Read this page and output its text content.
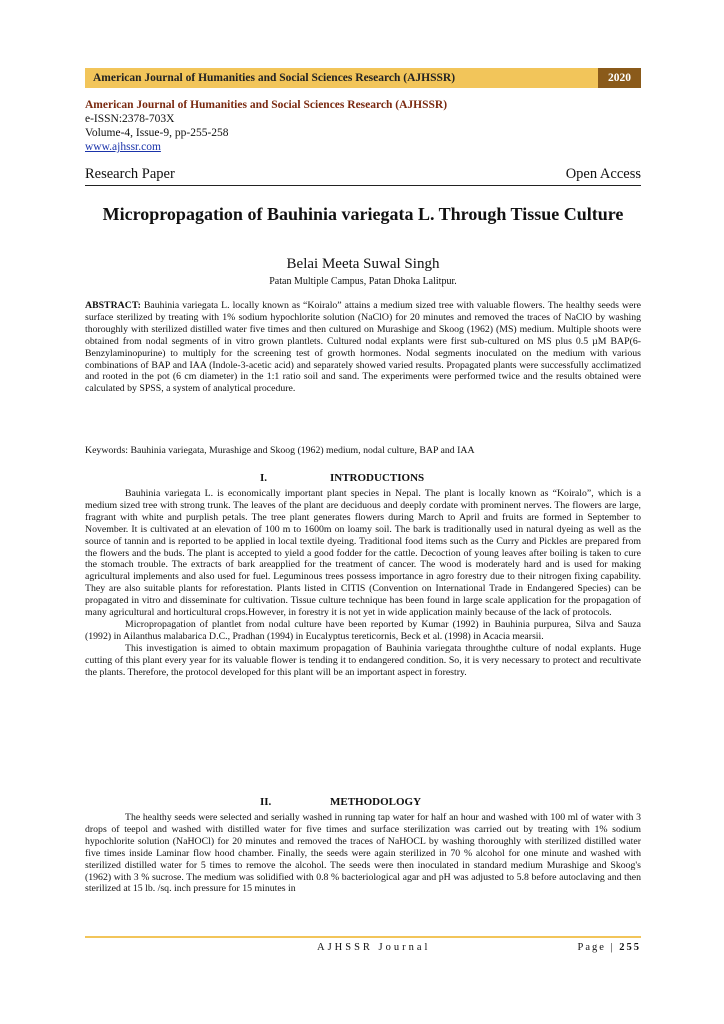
American Journal of Humanities and Social Sciences Research (AJHSSR)	2020
American Journal of Humanities and Social Sciences Research (AJHSSR)
e-ISSN:2378-703X
Volume-4, Issue-9, pp-255-258
www.ajhssr.com
Research Paper	Open Access
Micropropagation of Bauhinia variegata L. Through Tissue Culture
Belai Meeta Suwal Singh
Patan Multiple Campus, Patan Dhoka Lalitpur.

ABSTRACT: Bauhinia variegata L. locally known as “Koiralo” attains a medium sized tree with valuable flowers. The healthy seeds were surface sterilized by treating with 1% sodium hypochlorite solution (NaClO) for 20 minutes and removed the traces of NaClO by washing thoroughly with sterilized distilled water five times and then cultured on Murashige and Skoog (1962) (MS) medium. Multiple shoots were obtained from nodal segments of in vitro grown plantlets. Cultured nodal explants were first sub-cultured on MS plus 0.5 µM BAP(6-Benzylaminopurine) to multiply for the screening test of growth hormones. Nodal segments inoculated on the medium with various combinations of BAP and IAA (Indole-3-acetic acid) and separately showed varied results. Propagated plants were successfully acclimatized and rooted in the pot (6 cm diameter) in the 1:1 ratio soil and sand. The experiments were performed twice and the results obtained were calculated by SPSS, a system of analytical procedure.

Keywords: Bauhinia variegata, Murashige and Skoog (1962) medium, nodal culture, BAP and IAA
I.	INTRODUCTIONS

Bauhinia variegata L. is economically important plant species in Nepal. The plant is locally known as “Koiralo”, which is a medium sized tree with strong trunk. The leaves of the plant are deciduous and deeply cordate with prominent nerves. The flowers are large, fragrant with white and purplish petals. The tree plant generates flowers during March to April and fruits are formed in September to November. It is cultivated at an elevation of 100 m to 1600m on loamy soil. The bark is traditionally used in natural dyeing as well as the source of tannin and is reported to be applied in local textile dyeing. Traditional food items such as the Curry and Pickles are prepared from the flowers and the buds. The plant is accepted to yield a good fodder for the cattle. Decoction of young leaves after boiling is taken to cure the stomach trouble. The extracts of bark areapplied for the treatment of cancer. The wood is moderately hard and is used for making agricultural implements and also used for fuel. Leguminous trees possess importance in agro forestry due to their nitrogen fixing capability. They are also suitable plants for reforestation. Plants listed in CITIS (Convention on International Trade in Endangered Species) can be propagated in vitro and disseminate for cultivation. Tissue culture technique has been found in large scale application for the propagation of many agricultural and horticultural crops.However, in forestry it is not yet in wide application mainly because of the lack of protocols.

Micropropagation of plantlet from nodal culture have been reported by Kumar (1992) in Bauhinia purpurea, Silva and Sauza (1992) in Ailanthus malabarica D.C., Pradhan (1994) in Eucalyptus tereticornis, Beck et al. (1998) in Acacia mearsii.

This investigation is aimed to obtain maximum propagation of Bauhinia variegata throughthe culture of nodal explants. Huge cutting of this plant every year for its valuable flower is tending it to endangered condition. So, it is very necessary to protect and recultivate the plants. Therefore, the protocol developed for this plant will be an important aspect in forestry.

II.	METHODOLOGY

The healthy seeds were selected and serially washed in running tap water for half an hour and washed with 100 ml of water with 3 drops of teepol and washed with distilled water for five times and surface sterilization was carried out by treating with 1% sodium hypochlorite solution (NaHOCl) for 20 minutes and removed the traces of NaHOCL by washing thoroughly with sterilized distilled water five times inside Laminar flow hood chamber. Finally, the seeds were again sterilized in 70 % alcohol for one minute and washed with sterilized distilled water for 5 times to remove the alcohol. The seeds were then inoculated in standard medium Murashige and Skoog's (1962) with 3 % sucrose. The medium was solidified with 0.8 % bacteriological agar and pH was adjusted to 5.8 before autoclaving and then sterilized at 15 lb. /sq. inch pressure for 15 minutes in

AJHSSR Journal	Page | 255
